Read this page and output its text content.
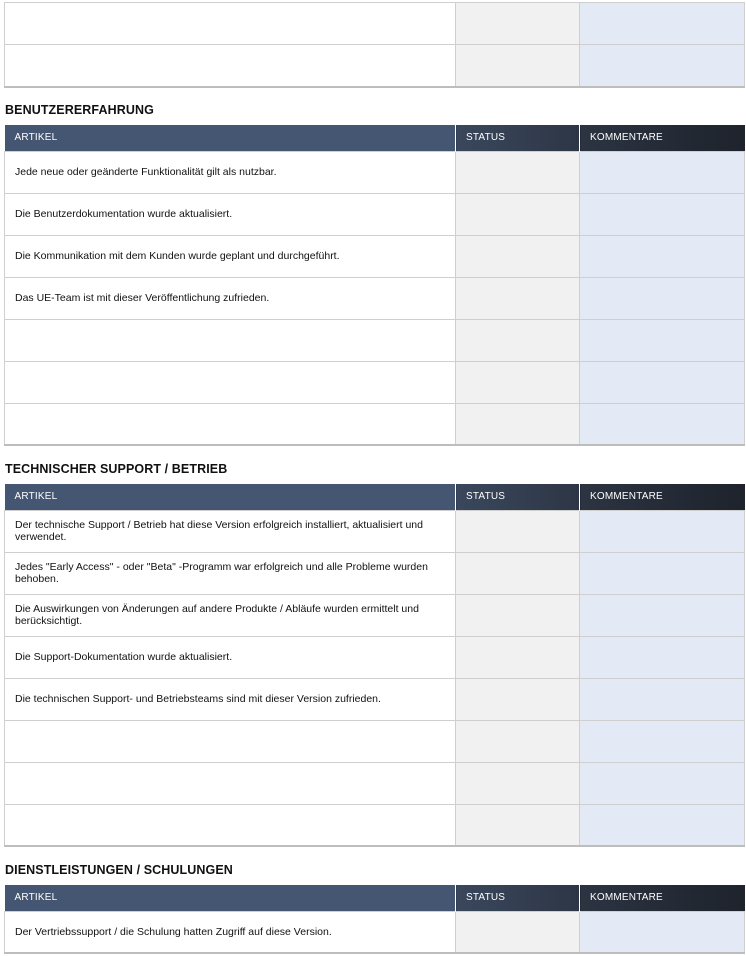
BENUTZERERFAHRUNG
ARTIKEL	STATUS	KOMMENTARE
Jede neue oder geänderte Funktionalität gilt als nutzbar.		
Die Benutzerdokumentation wurde aktualisiert.		
Die Kommunikation mit dem Kunden wurde geplant und durchgeführt.		
Das UE-Team ist mit dieser Veröffentlichung zufrieden.		

TECHNISCHER SUPPORT / BETRIEB
ARTIKEL	STATUS	KOMMENTARE
Der technische Support / Betrieb hat diese Version erfolgreich installiert, aktualisiert und verwendet.		
Jedes "Early Access" - oder "Beta" -Programm war erfolgreich und alle Probleme wurden behoben.		
Die Auswirkungen von Änderungen auf andere Produkte / Abläufe wurden ermittelt und berücksichtigt.		
Die Support-Dokumentation wurde aktualisiert.		
Die technischen Support- und Betriebsteams sind mit dieser Version zufrieden.		

DIENSTLEISTUNGEN / SCHULUNGEN
ARTIKEL	STATUS	KOMMENTARE
Der Vertriebssupport / die Schulung hatten Zugriff auf diese Version.		
